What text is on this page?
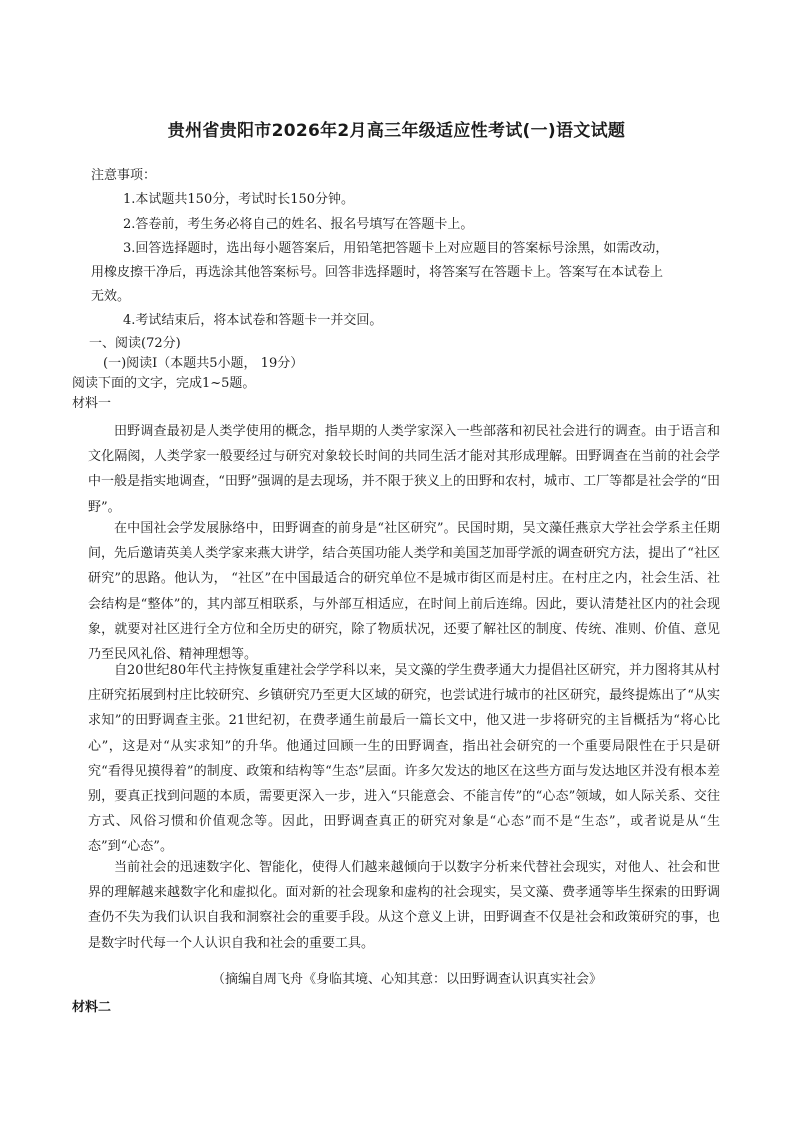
贵州省贵阳市2026年2月高三年级适应性考试(一)语文试题
注意事项：
1.本试题共150分，考试时长150分钟。
2.答卷前，考生务必将自己的姓名、报名号填写在答题卡上。
3.回答选择题时，选出每小题答案后，用铅笔把答题卡上对应题目的答案标号涂黑，如需改动，
用橡皮擦干净后，再选涂其他答案标号。回答非选择题时，将答案写在答题卡上。答案写在本试卷上
无效。
4.考试结束后，将本试卷和答题卡一并交回。
一、阅读(72分)
(一)阅读Ⅰ（本题共5小题， 19分）
阅读下面的文字，完成1~5题。
材料一

田野调查最初是人类学使用的概念，指早期的人类学家深入一些部落和初民社会进行的调查。由于语言和文化隔阂，人类学家一般要经过与研究对象较长时间的共同生活才能对其形成理解。田野调查在当前的社会学中一般是指实地调查，“田野”强调的是去现场，并不限于狭义上的田野和农村，城市、工厂等都是社会学的“田野”。

在中国社会学发展脉络中，田野调查的前身是“社区研究”。民国时期，吴文藻任燕京大学社会学系主任期间，先后邀请英美人类学家来燕大讲学，结合英国功能人类学和美国芝加哥学派的调查研究方法，提出了“社区研究”的思路。他认为， “社区”在中国最适合的研究单位不是城市街区而是村庄。在村庄之内，社会生活、社会结构是“整体”的，其内部互相联系，与外部互相适应，在时间上前后连绵。因此，要认清楚社区内的社会现象，就要对社区进行全方位和全历史的研究，除了物质状况，还要了解社区的制度、传统、准则、价值、意见乃至民风礼俗、精神理想等。

自20世纪80年代主持恢复重建社会学学科以来，吴文藻的学生费孝通大力提倡社区研究，并力图将其从村庄研究拓展到村庄比较研究、乡镇研究乃至更大区域的研究，也尝试进行城市的社区研究，最终提炼出了“从实求知”的田野调查主张。21世纪初，在费孝通生前最后一篇长文中，他又进一步将研究的主旨概括为“将心比心”，这是对“从实求知”的升华。他通过回顾一生的田野调查，指出社会研究的一个重要局限性在于只是研究“看得见摸得着”的制度、政策和结构等“生态”层面。许多欠发达的地区在这些方面与发达地区并没有根本差别，要真正找到问题的本质，需要更深入一步，进入“只能意会、不能言传”的“心态”领域，如人际关系、交往方式、风俗习惯和价值观念等。因此，田野调查真正的研究对象是“心态”而不是“生态”，或者说是从“生态”到“心态”。

当前社会的迅速数字化、智能化，使得人们越来越倾向于以数字分析来代替社会现实，对他人、社会和世界的理解越来越数字化和虚拟化。面对新的社会现象和虚构的社会现实，吴文藻、费孝通等毕生探索的田野调查仍不失为我们认识自我和洞察社会的重要手段。从这个意义上讲，田野调查不仅是社会和政策研究的事，也是数字时代每一个人认识自我和社会的重要工具。

（摘编自周飞舟《身临其境、心知其意：以田野调查认识真实社会》
材料二
